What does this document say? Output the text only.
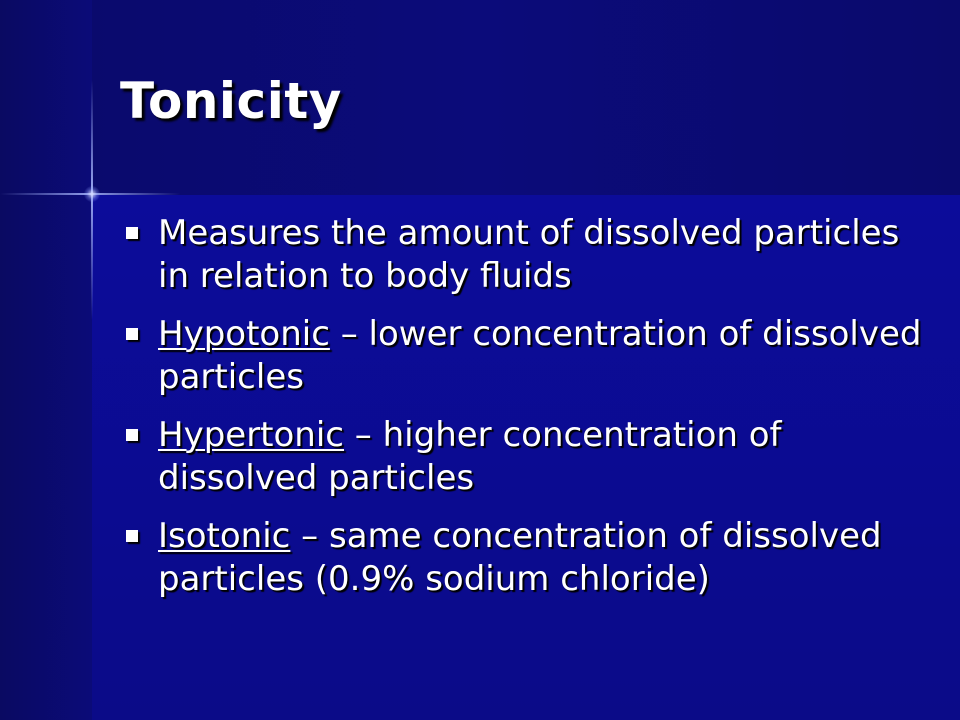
Tonicity
Measures the amount of dissolved particles in relation to body fluids
Hypotonic – lower concentration of dissolved particles
Hypertonic – higher concentration of dissolved particles
Isotonic – same concentration of dissolved particles (0.9% sodium chloride)
